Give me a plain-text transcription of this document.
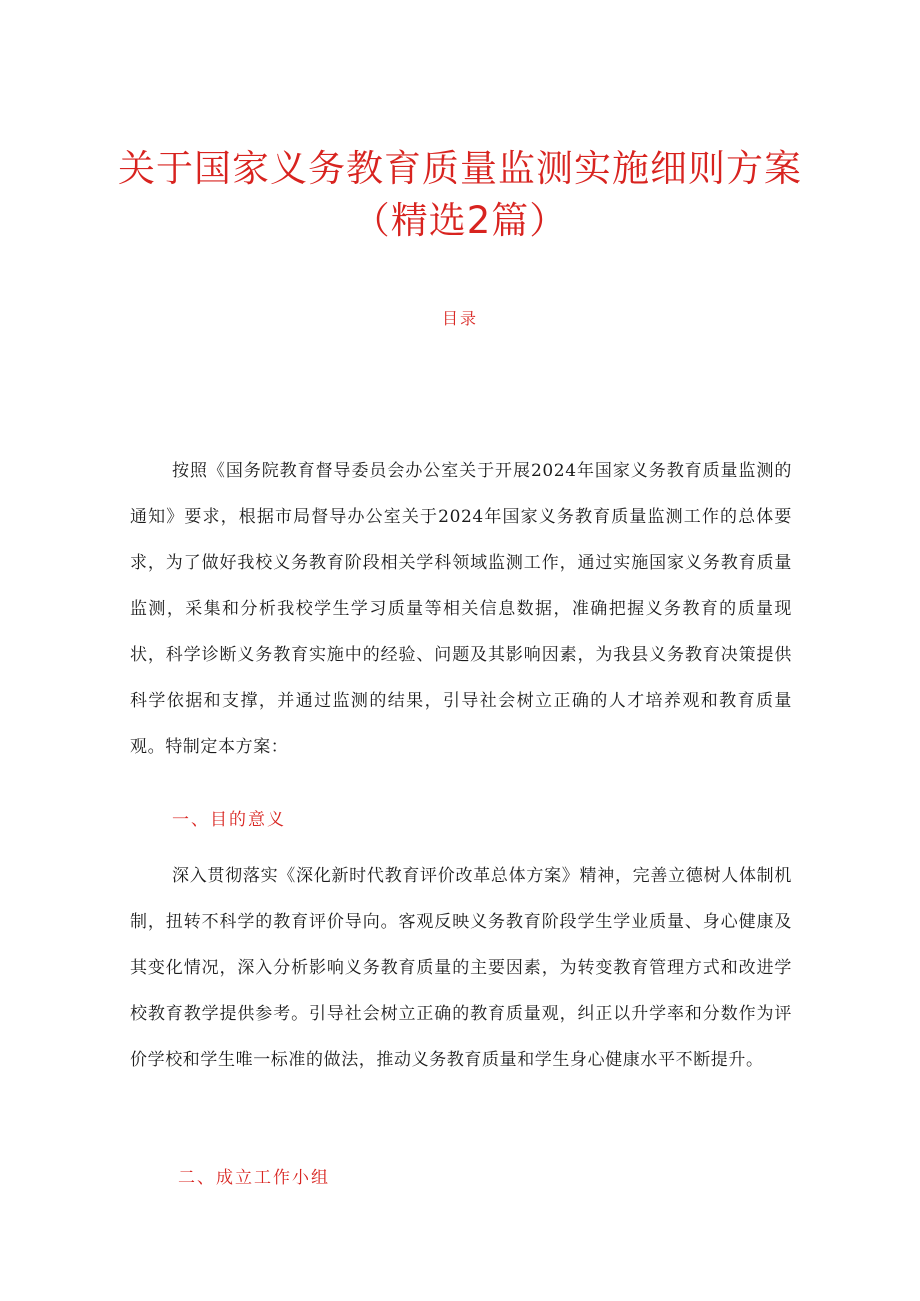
关于国家义务教育质量监测实施细则方案（精选2篇）
目录

按照《国务院教育督导委员会办公室关于开展2024年国家义务教育质量监测的通知》要求，根据市局督导办公室关于2024年国家义务教育质量监测工作的总体要求，为了做好我校义务教育阶段相关学科领域监测工作，通过实施国家义务教育质量监测，采集和分析我校学生学习质量等相关信息数据，准确把握义务教育的质量现状，科学诊断义务教育实施中的经验、问题及其影响因素，为我县义务教育决策提供科学依据和支撑，并通过监测的结果，引导社会树立正确的人才培养观和教育质量观。特制定本方案：

一、目的意义

深入贯彻落实《深化新时代教育评价改革总体方案》精神，完善立德树人体制机制，扭转不科学的教育评价导向。客观反映义务教育阶段学生学业质量、身心健康及其变化情况，深入分析影响义务教育质量的主要因素，为转变教育管理方式和改进学校教育教学提供参考。引导社会树立正确的教育质量观，纠正以升学率和分数作为评价学校和学生唯一标准的做法，推动义务教育质量和学生身心健康水平不断提升。

二、成立工作小组
